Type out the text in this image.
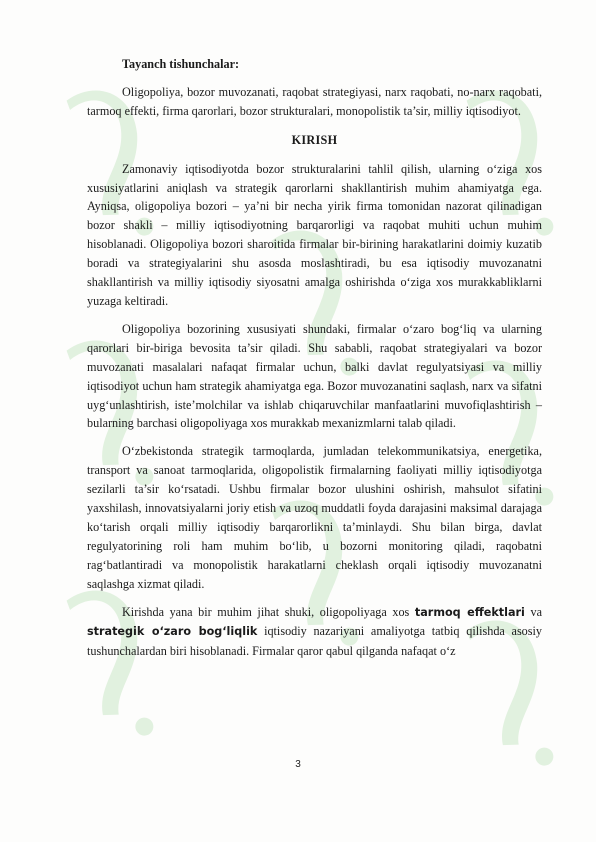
Tayanch tishunchalar:

Oligopoliya, bozor muvozanati, raqobat strategiyasi, narx raqobati, no-narx raqobati, tarmoq effekti, firma qarorlari, bozor strukturalari, monopolistik ta’sir, milliy iqtisodiyot.

KIRISH

Zamonaviy iqtisodiyotda bozor strukturalarini tahlil qilish, ularning o‘ziga xos xususiyatlarini aniqlash va strategik qarorlarni shakllantirish muhim ahamiyatga ega. Ayniqsa, oligopoliya bozori – ya’ni bir necha yirik firma tomonidan nazorat qilinadigan bozor shakli – milliy iqtisodiyotning barqarorligi va raqobat muhiti uchun muhim hisoblanadi. Oligopoliya bozori sharoitida firmalar bir-birining harakatlarini doimiy kuzatib boradi va strategiyalarini shu asosda moslashtiradi, bu esa iqtisodiy muvozanatni shakllantirish va milliy iqtisodiy siyosatni amalga oshirishda o‘ziga xos murakkabliklarni yuzaga keltiradi.

Oligopoliya bozorining xususiyati shundaki, firmalar o‘zaro bog‘liq va ularning qarorlari bir-biriga bevosita ta’sir qiladi. Shu sababli, raqobat strategiyalari va bozor muvozanati masalalari nafaqat firmalar uchun, balki davlat regulyatsiyasi va milliy iqtisodiyot uchun ham strategik ahamiyatga ega. Bozor muvozanatini saqlash, narx va sifatni uyg‘unlashtirish, iste’molchilar va ishlab chiqaruvchilar manfaatlarini muvofiqlashtirish – bularning barchasi oligopoliyaga xos murakkab mexanizmlarni talab qiladi.

O‘zbekistonda strategik tarmoqlarda, jumladan telekommunikatsiya, energetika, transport va sanoat tarmoqlarida, oligopolistik firmalarning faoliyati milliy iqtisodiyotga sezilarli ta’sir ko‘rsatadi. Ushbu firmalar bozor ulushini oshirish, mahsulot sifatini yaxshilash, innovatsiyalarni joriy etish va uzoq muddatli foyda darajasini maksimal darajaga ko‘tarish orqali milliy iqtisodiy barqarorlikni ta’minlaydi. Shu bilan birga, davlat regulyatorining roli ham muhim bo‘lib, u bozorni monitoring qiladi, raqobatni rag‘batlantiradi va monopolistik harakatlarni cheklash orqali iqtisodiy muvozanatni saqlashga xizmat qiladi.

Kirishda yana bir muhim jihat shuki, oligopoliyaga xos tarmoq effektlari va strategik o‘zaro bog‘liqlik iqtisodiy nazariyani amaliyotga tatbiq qilishda asosiy tushunchalardan biri hisoblanadi. Firmalar qaror qabul qilganda nafaqat o‘z

3
